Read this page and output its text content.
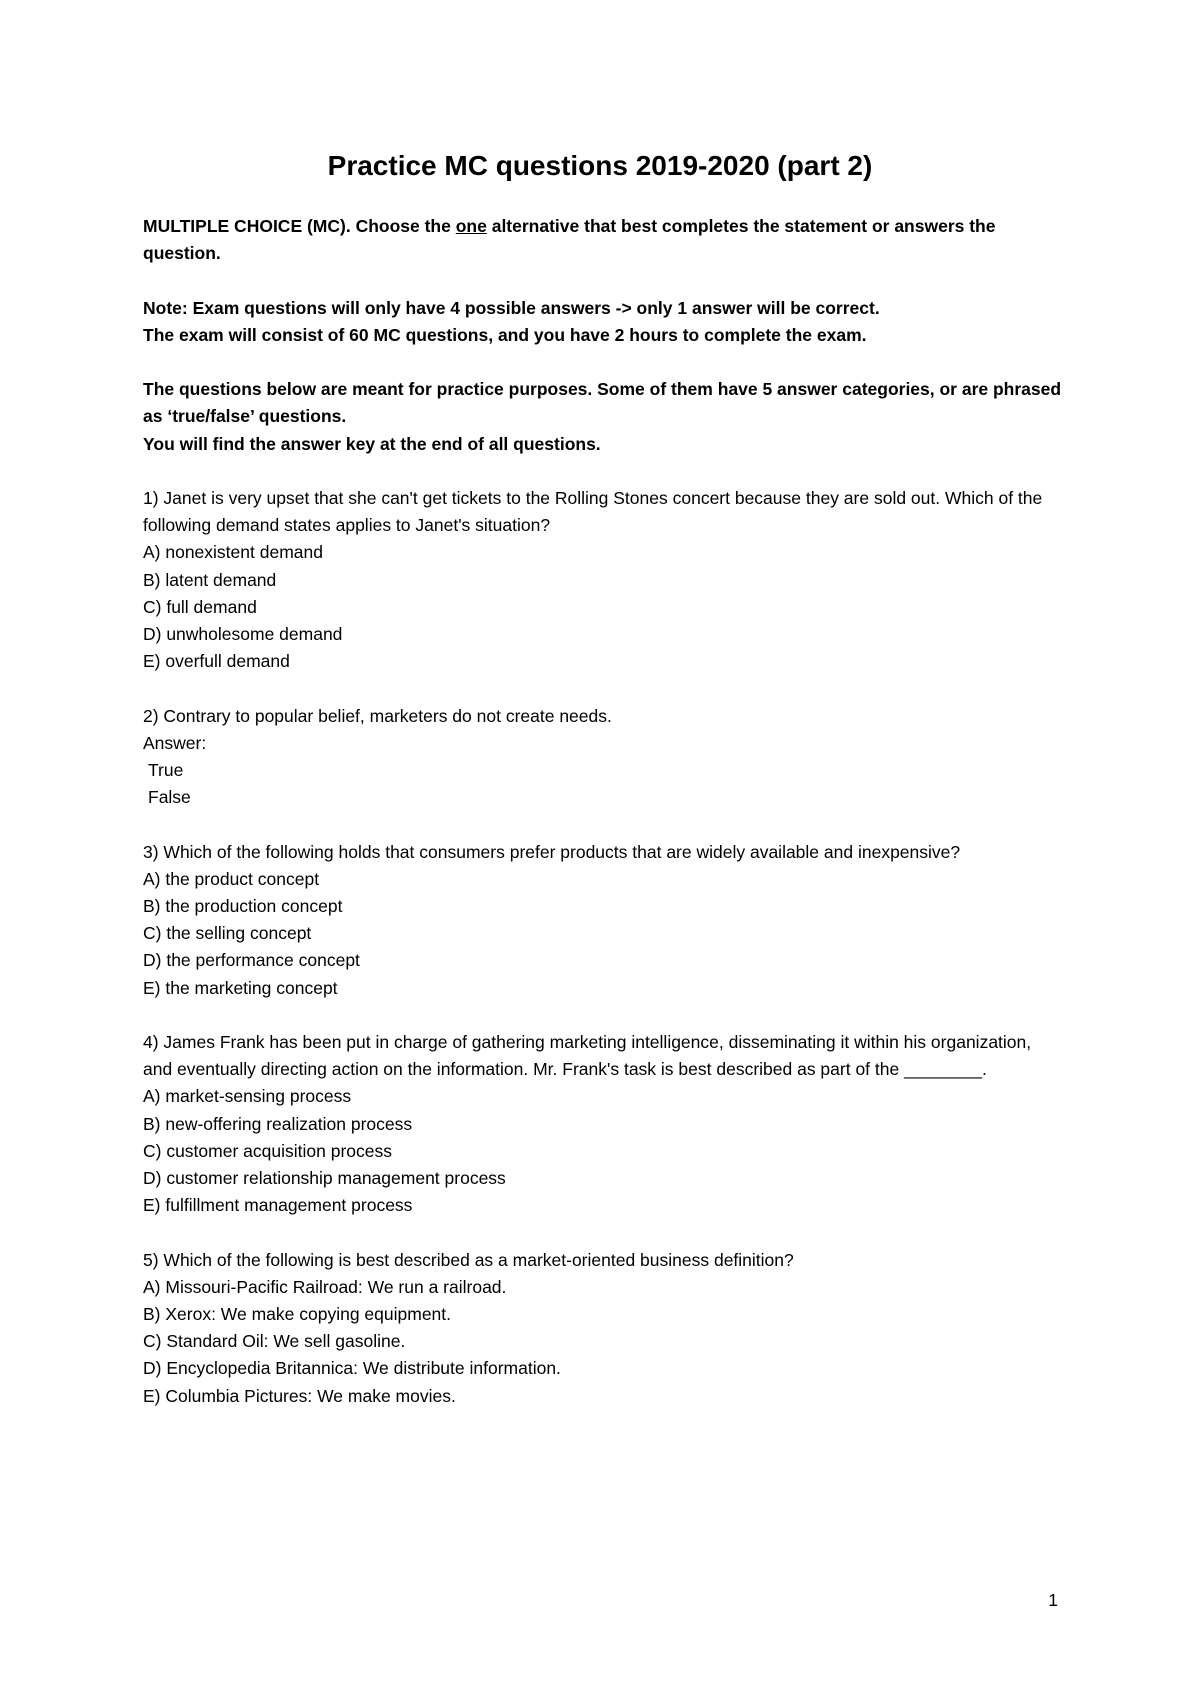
Practice MC questions 2019-2020 (part 2)

MULTIPLE CHOICE (MC). Choose the one alternative that best completes the statement or answers the question.

Note: Exam questions will only have 4 possible answers -> only 1 answer will be correct.

The exam will consist of 60 MC questions, and you have 2 hours to complete the exam.

The questions below are meant for practice purposes. Some of them have 5 answer categories, or are phrased as ‘true/false’ questions.

You will find the answer key at the end of all questions.

1) Janet is very upset that she can't get tickets to the Rolling Stones concert because they are sold out. Which of the following demand states applies to Janet's situation?

A) nonexistent demand

B) latent demand

C) full demand

D) unwholesome demand

E) overfull demand

2) Contrary to popular belief, marketers do not create needs.

Answer:

True

False

3) Which of the following holds that consumers prefer products that are widely available and inexpensive?

A) the product concept

B) the production concept

C) the selling concept

D) the performance concept

E) the marketing concept

4) James Frank has been put in charge of gathering marketing intelligence, disseminating it within his organization, and eventually directing action on the information. Mr. Frank's task is best described as part of the ________.

A) market-sensing process

B) new-offering realization process

C) customer acquisition process

D) customer relationship management process

E) fulfillment management process

5) Which of the following is best described as a market-oriented business definition?

A) Missouri-Pacific Railroad: We run a railroad.

B) Xerox: We make copying equipment.

C) Standard Oil: We sell gasoline.

D) Encyclopedia Britannica: We distribute information.

E) Columbia Pictures: We make movies.

1
